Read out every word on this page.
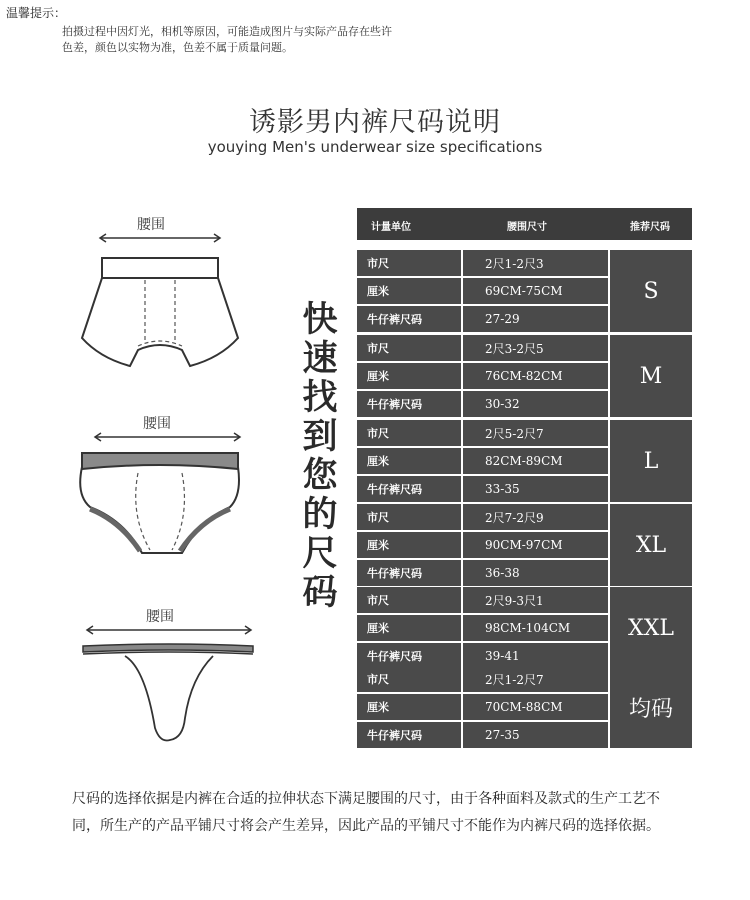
温馨提示：
拍摄过程中因灯光，相机等原因，可能造成图片与实际产品存在些许
色差，颜色以实物为准，色差不属于质量问题。
诱影男内裤尺码说明
youying Men's underwear size specifications
腰围
腰围
腰围
快速找到您的尺码
计量单位	腰围尺寸	推荐尺码
市尺	2尺1-2尺3
厘米	69CM-75CM
牛仔裤尺码	27-29
S
市尺	2尺3-2尺5
厘米	76CM-82CM
牛仔裤尺码	30-32
M
市尺	2尺5-2尺7
厘米	82CM-89CM
牛仔裤尺码	33-35
L
市尺	2尺7-2尺9
厘米	90CM-97CM
牛仔裤尺码	36-38
XL
市尺	2尺9-3尺1
厘米	98CM-104CM
牛仔裤尺码	39-41
XXL
市尺	2尺1-2尺7
厘米	70CM-88CM
牛仔裤尺码	27-35
均码
尺码的选择依据是内裤在合适的拉伸状态下满足腰围的尺寸，由于各种面料及款式的生产工艺不同，所生产的产品平铺尺寸将会产生差异，因此产品的平铺尺寸不能作为内裤尺码的选择依据。
